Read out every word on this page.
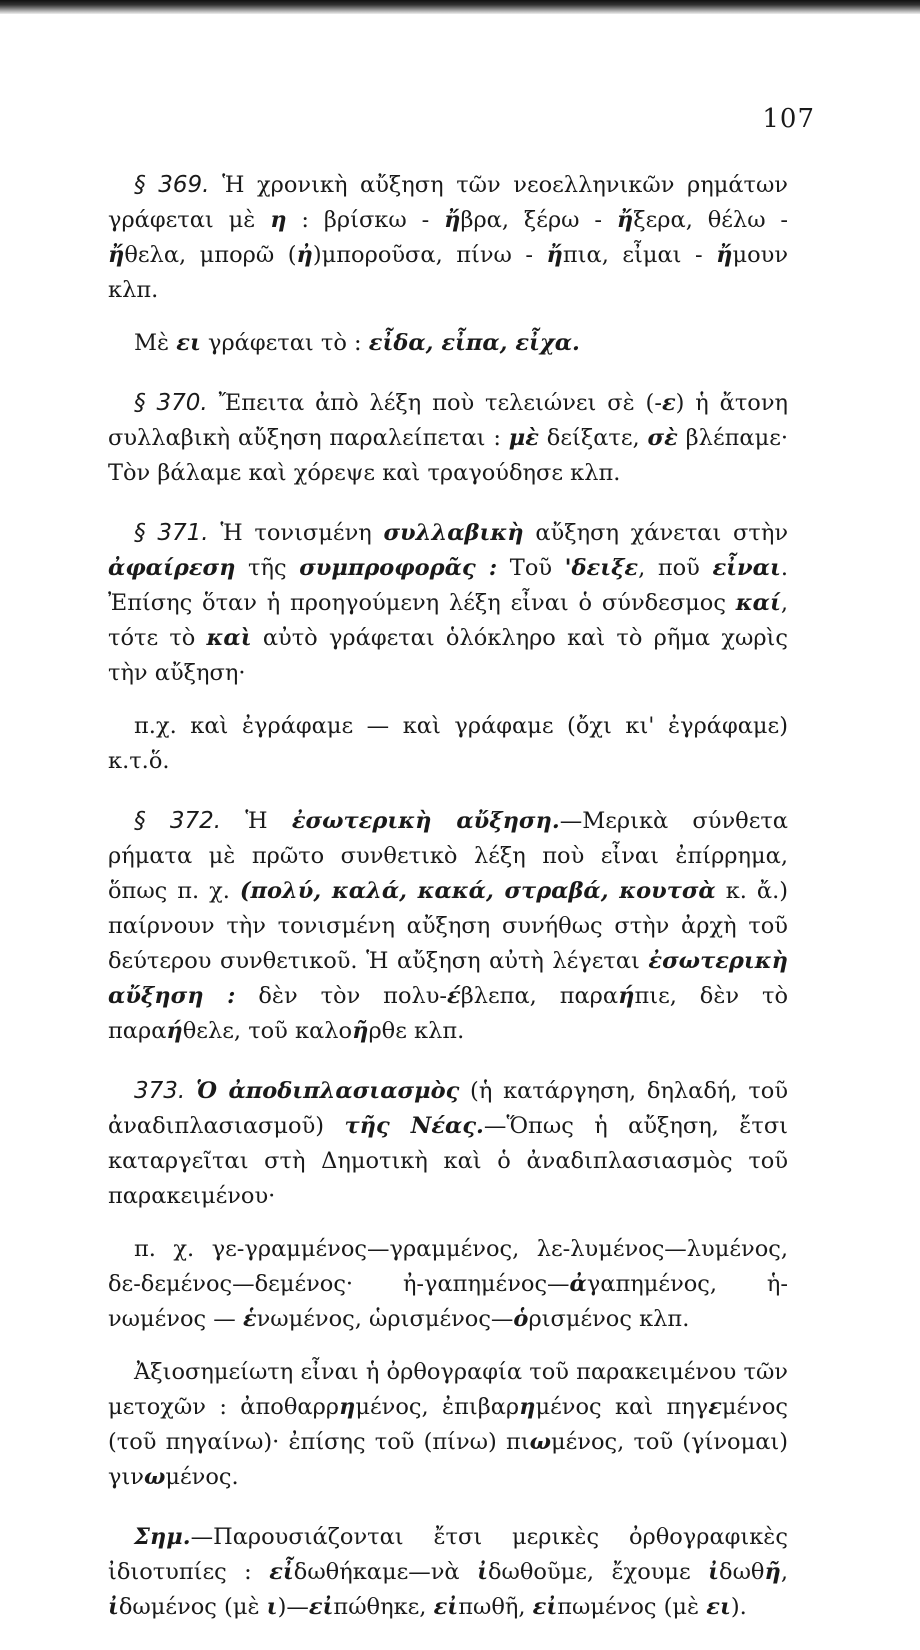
107

§ 369. Ἡ χρονικὴ αὔξηση τῶν νεοελληνικῶν ρημάτων γράφεται μὲ η : βρίσκω - ἤβρα, ξέρω - ἤξερα, θέλω - ἤθελα, μπορῶ (ἠ)μποροῦσα, πίνω - ἤπια, εἶμαι - ἤμουν κλπ.

Μὲ ει γράφεται τὸ : εἶδα, εἶπα, εἶχα.

§ 370. Ἔπειτα ἀπὸ λέξη ποὺ τελειώνει σὲ (-ε) ἡ ἄτονη συλλαβικὴ αὔξηση παραλείπεται : μὲ δείξατε, σὲ βλέπαμε· Τὸν βάλαμε καὶ χόρεψε καὶ τραγούδησε κλπ.

§ 371. Ἡ τονισμένη συλλαβικὴ αὔξηση χάνεται στὴν ἀφαίρεση τῆς συμπροφορᾶς : Τοῦ 'δειξε, ποῦ εἶναι. Ἐπίσης ὅταν ἡ προηγούμενη λέξη εἶναι ὁ σύνδεσμος καί, τότε τὸ καὶ αὐτὸ γράφεται ὁλόκληρο καὶ τὸ ρῆμα χωρὶς τὴν αὔξηση·

π.χ. καὶ ἐγράφαμε — καὶ γράφαμε (ὄχι κι' ἐγράφαμε) κ.τ.ὅ.

§ 372. Ἡ ἐσωτερικὴ αὔξηση.—Μερικὰ σύνθετα ρήματα μὲ πρῶτο συνθετικὸ λέξη ποὺ εἶναι ἐπίρρημα, ὅπως π. χ. (πολύ, καλά, κακά, στραβά, κουτσὰ κ. ἄ.) παίρνουν τὴν τονισμένη αὔξηση συνήθως στὴν ἀρχὴ τοῦ δεύτερου συνθετικοῦ. Ἡ αὔξηση αὐτὴ λέγεται ἐσωτερικὴ αὔξηση : δὲν τὸν πολυ-έβλεπα, παραήπιε, δὲν τὸ παραήθελε, τοῦ καλοῆρθε κλπ.

373. Ὁ ἀποδιπλασιασμὸς (ἡ κατάργηση, δηλαδή, τοῦ ἀναδιπλασιασμοῦ) τῆς Νέας.—Ὅπως ἡ αὔξηση, ἔτσι καταργεῖται στὴ Δημοτικὴ καὶ ὁ ἀναδιπλασιασμὸς τοῦ παρακειμένου·

π. χ. γε-γραμμένος—γραμμένος, λε-λυμένος—λυμένος, δε-δεμένος—δεμένος· ἠ-γαπημένος—ἀγαπημένος, ἡ-νωμένος — ἑνωμένος, ὡρισμένος—ὁρισμένος κλπ.

Ἀξιοσημείωτη εἶναι ἡ ὀρθογραφία τοῦ παρακειμένου τῶν μετοχῶν : ἀποθαρρημένος, ἐπιβαρημένος καὶ πηγεμένος (τοῦ πηγαίνω)· ἐπίσης τοῦ (πίνω) πιωμένος, τοῦ (γίνομαι) γινωμένος.

Σημ.—Παρουσιάζονται ἔτσι μερικὲς ὀρθογραφικὲς ἰδιοτυπίες : εἶδωθήκαμε—νὰ ἰδωθοῦμε, ἔχουμε ἰδωθῆ, ἰδωμένος (μὲ ι)—εἰπώθηκε, εἰπωθῆ, εἰπωμένος (μὲ ει).
